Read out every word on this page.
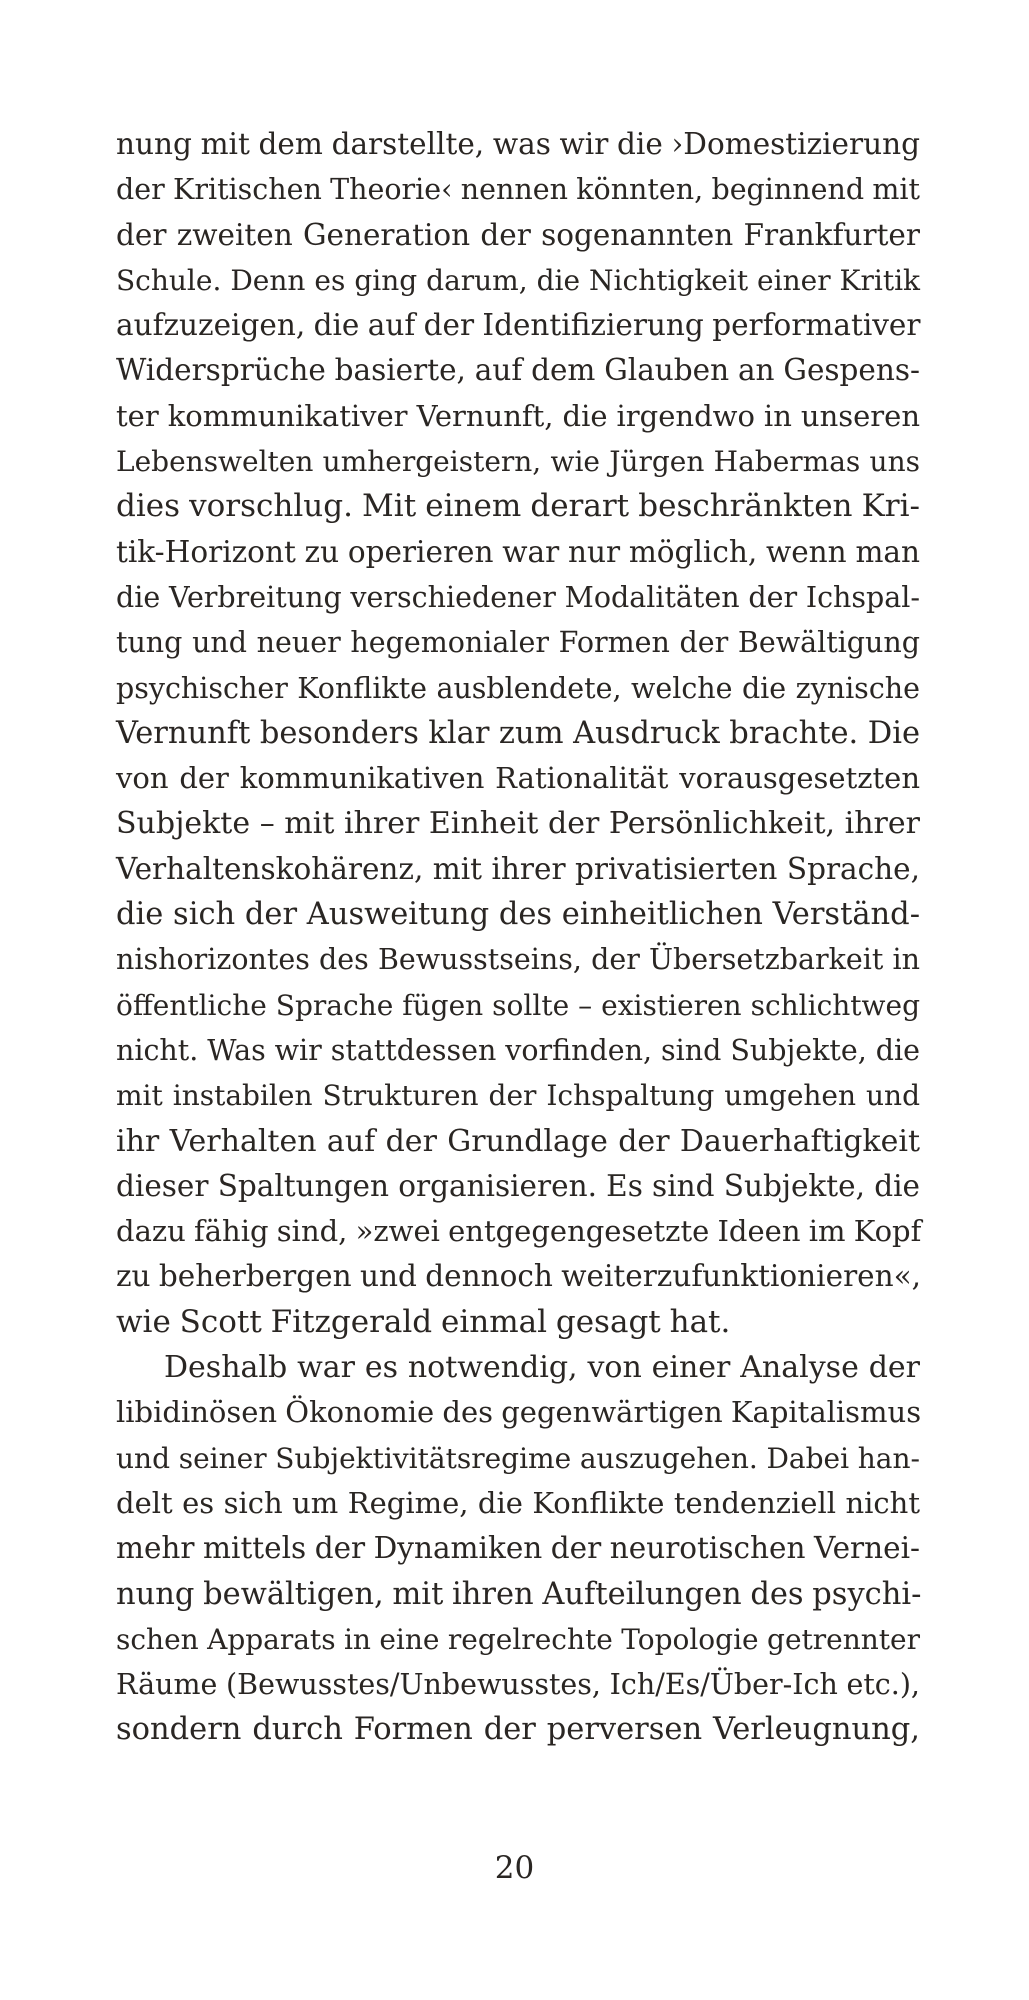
nung mit dem darstellte, was wir die ›Domestizierung
der Kritischen Theorie‹ nennen könnten, beginnend mit
der zweiten Generation der sogenannten Frankfurter
Schule. Denn es ging darum, die Nichtigkeit einer Kritik
aufzuzeigen, die auf der Identifizierung performativer
Widersprüche basierte, auf dem Glauben an Gespens-
ter kommunikativer Vernunft, die irgendwo in unseren
Lebenswelten umhergeistern, wie Jürgen Habermas uns
dies vorschlug. Mit einem derart beschränkten Kri-
tik-Horizont zu operieren war nur möglich, wenn man
die Verbreitung verschiedener Modalitäten der Ichspal-
tung und neuer hegemonialer Formen der Bewältigung
psychischer Konflikte ausblendete, welche die zynische
Vernunft besonders klar zum Ausdruck brachte. Die
von der kommunikativen Rationalität vorausgesetzten
Subjekte – mit ihrer Einheit der Persönlichkeit, ihrer
Verhaltenskohärenz, mit ihrer privatisierten Sprache,
die sich der Ausweitung des einheitlichen Verständ-
nishorizontes des Bewusstseins, der Übersetzbarkeit in
öffentliche Sprache fügen sollte – existieren schlichtweg
nicht. Was wir stattdessen vorfinden, sind Subjekte, die
mit instabilen Strukturen der Ichspaltung umgehen und
ihr Verhalten auf der Grundlage der Dauerhaftigkeit
dieser Spaltungen organisieren. Es sind Subjekte, die
dazu fähig sind, »zwei entgegengesetzte Ideen im Kopf
zu beherbergen und dennoch weiterzufunktionieren«,
wie Scott Fitzgerald einmal gesagt hat.
Deshalb war es notwendig, von einer Analyse der
libidinösen Ökonomie des gegenwärtigen Kapitalismus
und seiner Subjektivitätsregime auszugehen. Dabei han-
delt es sich um Regime, die Konflikte tendenziell nicht
mehr mittels der Dynamiken der neurotischen Vernei-
nung bewältigen, mit ihren Aufteilungen des psychi-
schen Apparats in eine regelrechte Topologie getrennter
Räume (Bewusstes/Unbewusstes, Ich/Es/Über-Ich etc.),
sondern durch Formen der perversen Verleugnung,
20
